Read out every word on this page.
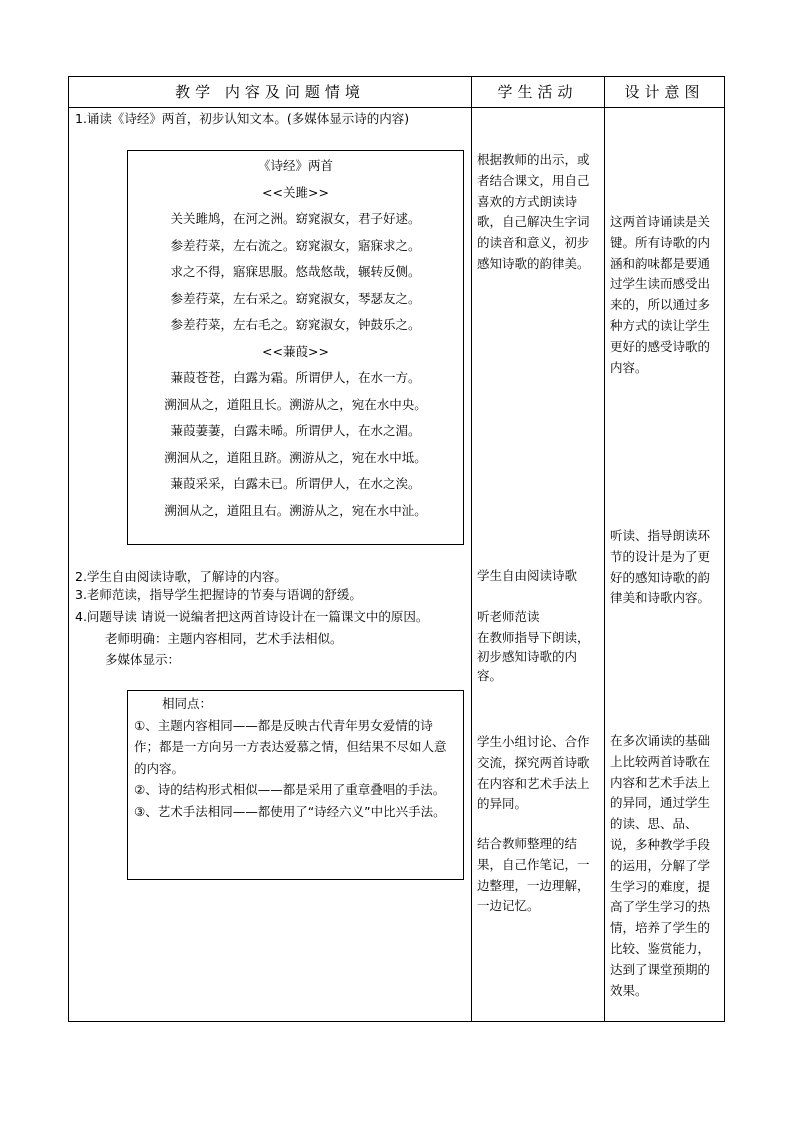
教学 内容及问题情境	学生活动	设计意图
1.诵读《诗经》两首，初步认知文本。(多媒体显示诗的内容)
《诗经》两首
<<关雎>>
关关雎鸠，在河之洲。窈窕淑女，君子好逑。
参差荇菜，左右流之。窈窕淑女，寤寐求之。
求之不得，寤寐思服。悠哉悠哉，辗转反侧。
参差荇菜，左右采之。窈窕淑女，琴瑟友之。
参差荇菜，左右毛之。窈窕淑女，钟鼓乐之。
<<蒹葭>>
蒹葭苍苍，白露为霜。所谓伊人，在水一方。
溯洄从之，道阻且长。溯游从之，宛在水中央。
蒹葭萋萋，白露未晞。所谓伊人，在水之湄。
溯洄从之，道阻且跻。溯游从之，宛在水中坻。
蒹葭采采，白露未已。所谓伊人，在水之涘。
溯洄从之，道阻且右。溯游从之，宛在水中沚。
2.学生自由阅读诗歌，了解诗的内容。
3.老师范读，指导学生把握诗的节奏与语调的舒缓。
4.问题导读 请说一说编者把这两首诗设计在一篇课文中的原因。
老师明确：主题内容相同，艺术手法相似。
多媒体显示：

相同点：

①、主题内容相同——都是反映古代青年男女爱情的诗作；都是一方向另一方表达爱慕之情，但结果不尽如人意的内容。

②、诗的结构形式相似——都是采用了重章叠唱的手法。

③、艺术手法相同——都使用了“诗经六义”中比兴手法。

根据教师的出示，或者结合课文，用自己喜欢的方式朗读诗歌，自己解决生字词的读音和意义，初步感知诗歌的韵律美。
学生自由阅读诗歌

听老师范读

在教师指导下朗读，初步感知诗歌的内容。

学生小组讨论、合作交流，探究两首诗歌在内容和艺术手法上的异同。
结合教师整理的结果，自己作笔记，一边整理，一边理解，一边记忆。
这两首诗诵读是关键。所有诗歌的内涵和韵味都是要通过学生读而感受出来的，所以通过多种方式的读让学生更好的感受诗歌的内容。
听读、指导朗读环节的设计是为了更好的感知诗歌的韵律美和诗歌内容。
在多次诵读的基础上比较两首诗歌在内容和艺术手法上的异同，通过学生的读、思、品、说，多种教学手段的运用，分解了学生学习的难度，提高了学生学习的热情，培养了学生的比较、鉴赏能力，达到了课堂预期的效果。
